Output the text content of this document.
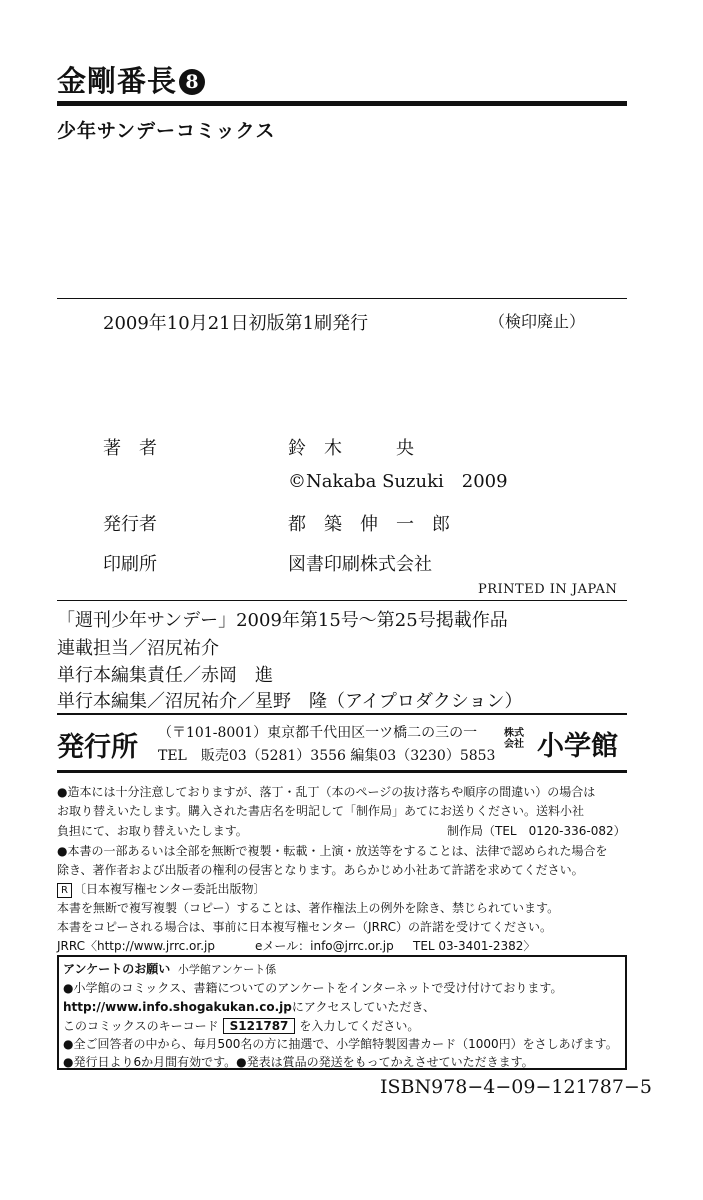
金剛番長 8
少年サンデーコミックス
2009年10月21日初版第1刷発行	（検印廃止）
著　者	鈴　木　　　央
©Nakaba Suzuki　2009
発行者	都　築　伸　一　郎
印刷所	図書印刷株式会社
PRINTED IN JAPAN
「週刊少年サンデー」2009年第15号〜第25号掲載作品
連載担当／沼尻祐介
単行本編集責任／赤岡　進
単行本編集／沼尻祐介／星野　隆（アイプロダクション）
発行所 （〒101-8001）東京都千代田区一ツ橋二の三の一
TEL　販売03（5281）3556 編集03（3230）5853
株式会社 小学館
●造本には十分注意しておりますが、落丁・乱丁（本のページの抜け落ちや順序の間違い）の場合は
お取り替えいたします。購入された書店名を明記して「制作局」あてにお送りください。送料小社
負担にて、お取り替えいたします。	制作局（TEL　0120-336-082）
●本書の一部あるいは全部を無断で複製・転載・上演・放送等をすることは、法律で認められた場合を
除き、著作者および出版者の権利の侵害となります。あらかじめ小社あて許諾を求めてください。
R 〔日本複写権センター委託出版物〕
本書を無断で複写複製（コピー）することは、著作権法上の例外を除き、禁じられています。
本書をコピーされる場合は、事前に日本複写権センター（JRRC）の許諾を受けてください。
JRRC〈http://www.jrrc.or.jp	eメール：info@jrrc.or.jp TEL 03-3401-2382〉
アンケートのお願い 小学館アンケート係
●小学館のコミックス、書籍についてのアンケートをインターネットで受け付けております。
http://www.info.shogakukan.co.jpにアクセスしていただき、
このコミックスのキーコード S121787 を入力してください。
●全ご回答者の中から、毎月500名の方に抽選で、小学館特製図書カード（1000円）をさしあげます。
●発行日より6か月間有効です。●発表は賞品の発送をもってかえさせていただきます。
ISBN978−4−09−121787−5
